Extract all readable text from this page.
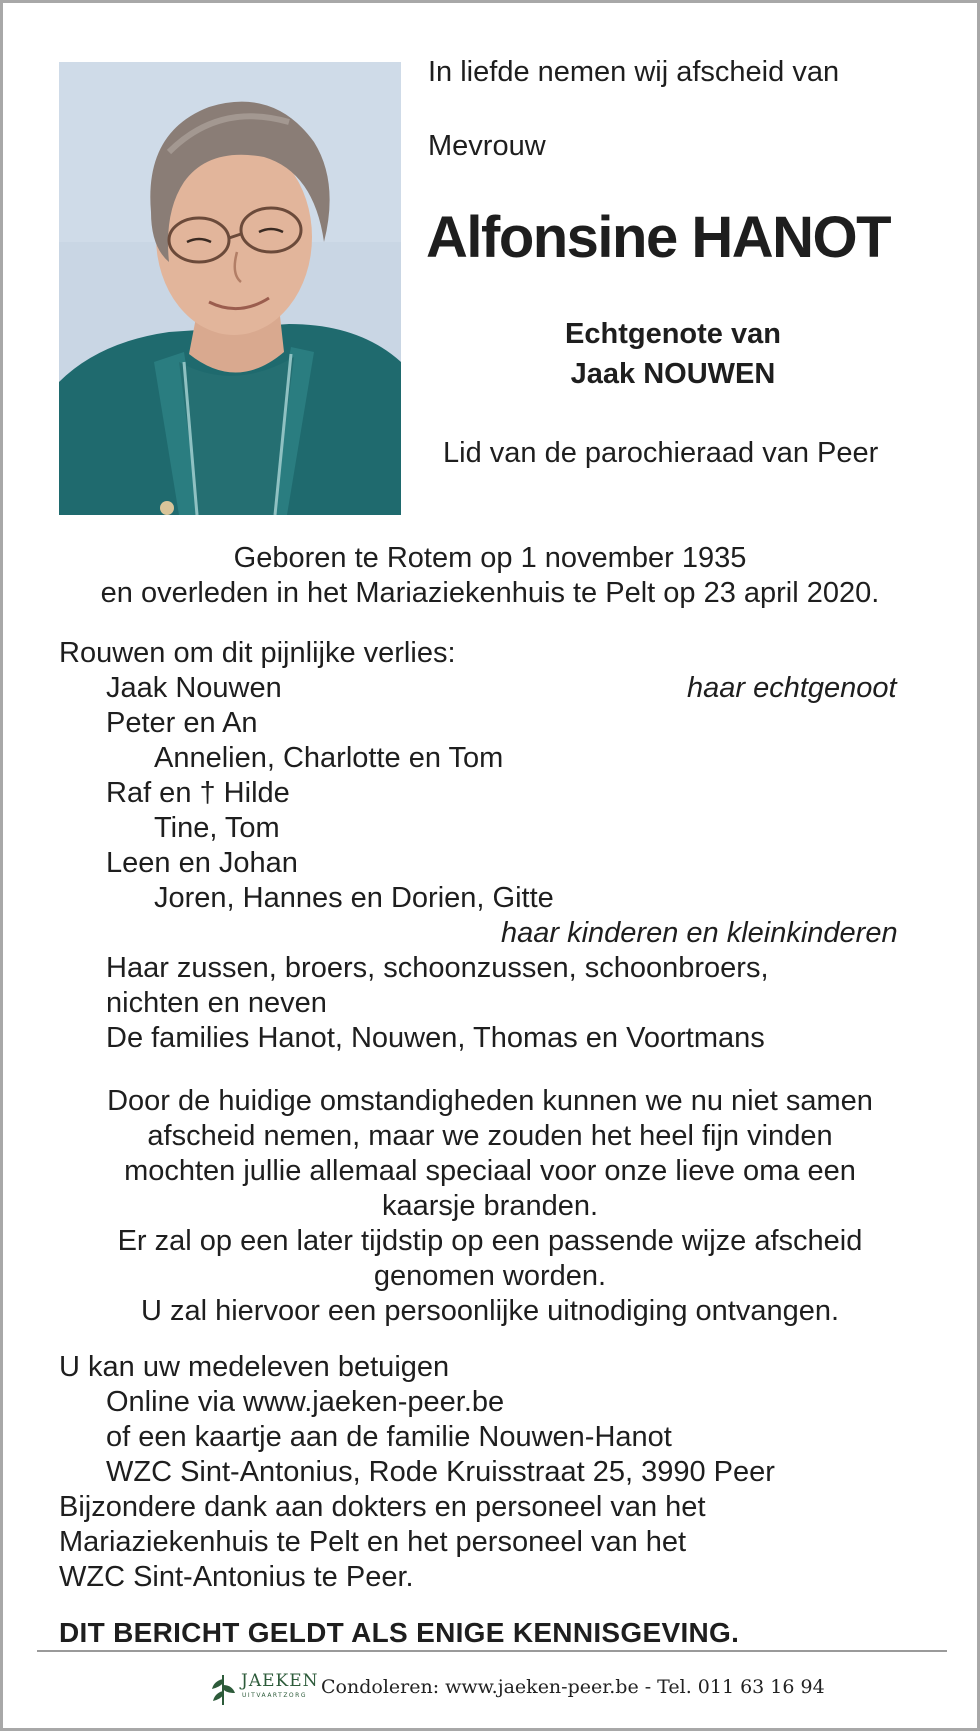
In liefde nemen wij afscheid van
Mevrouw
Alfonsine HANOT
Echtgenote van
Jaak NOUWEN
Lid van de parochieraad van Peer
Geboren te Rotem op 1 november 1935
en overleden in het Mariaziekenhuis te Pelt op 23 april 2020.
Rouwen om dit pijnlijke verlies:
Jaak Nouwen	haar echtgenoot
Peter en An
Annelien, Charlotte en Tom
Raf en † Hilde
Tine, Tom
Leen en Johan
Joren, Hannes en Dorien, Gitte
haar kinderen en kleinkinderen
Haar zussen, broers, schoonzussen, schoonbroers,
nichten en neven
De families Hanot, Nouwen, Thomas en Voortmans
Door de huidige omstandigheden kunnen we nu niet samen
afscheid nemen, maar we zouden het heel fijn vinden
mochten jullie allemaal speciaal voor onze lieve oma een
kaarsje branden.
Er zal op een later tijdstip op een passende wijze afscheid
genomen worden.
U zal hiervoor een persoonlijke uitnodiging ontvangen.
U kan uw medeleven betuigen
Online via www.jaeken-peer.be
of een kaartje aan de familie Nouwen-Hanot
WZC Sint-Antonius, Rode Kruisstraat 25, 3990 Peer
Bijzondere dank aan dokters en personeel van het
Mariaziekenhuis te Pelt en het personeel van het
WZC Sint-Antonius te Peer.
DIT BERICHT GELDT ALS ENIGE KENNISGEVING.
JAEKEN
UITVAARTZORG Condoleren: www.jaeken-peer.be - Tel. 011 63 16 94
